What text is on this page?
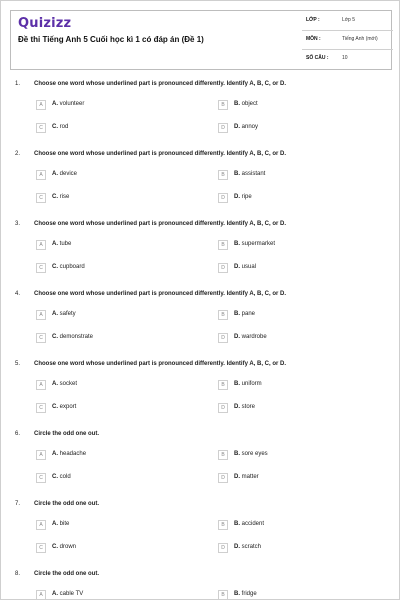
Quizizz
Đề thi Tiếng Anh 5 Cuối học kì 1 có đáp án (Đề 1)
LỚP :	Lớp 5
MÔN :	Tiếng Anh (mới)
SỐ CÂU :	10
1. Choose one word whose underlined part is pronounced differently. Identify A, B, C, or D.
A	A. volunteer	B	B. object
C	C. rod	D	D. annoy
2. Choose one word whose underlined part is pronounced differently. Identify A, B, C, or D.
A	A. device	B	B. assistant
C	C. rise	D	D. ripe
3. Choose one word whose underlined part is pronounced differently. Identify A, B, C, or D.
A	A. tube	B	B. supermarket
C	C. cupboard	D	D. usual
4. Choose one word whose underlined part is pronounced differently. Identify A, B, C, or D.
A	A. safety	B	B. pane
C	C. demonstrate	D	D. wardrobe
5. Choose one word whose underlined part is pronounced differently. Identify A, B, C, or D.
A	A. socket	B	B. uniform
C	C. export	D	D. store
6. Circle the odd one out.
A	A. headache	B	B. sore eyes
C	C. cold	D	D. matter
7. Circle the odd one out.
A	A. bite	B	B. accident
C	C. drown	D	D. scratch
8. Circle the odd one out.
A	A. cable TV	B	B. fridge
